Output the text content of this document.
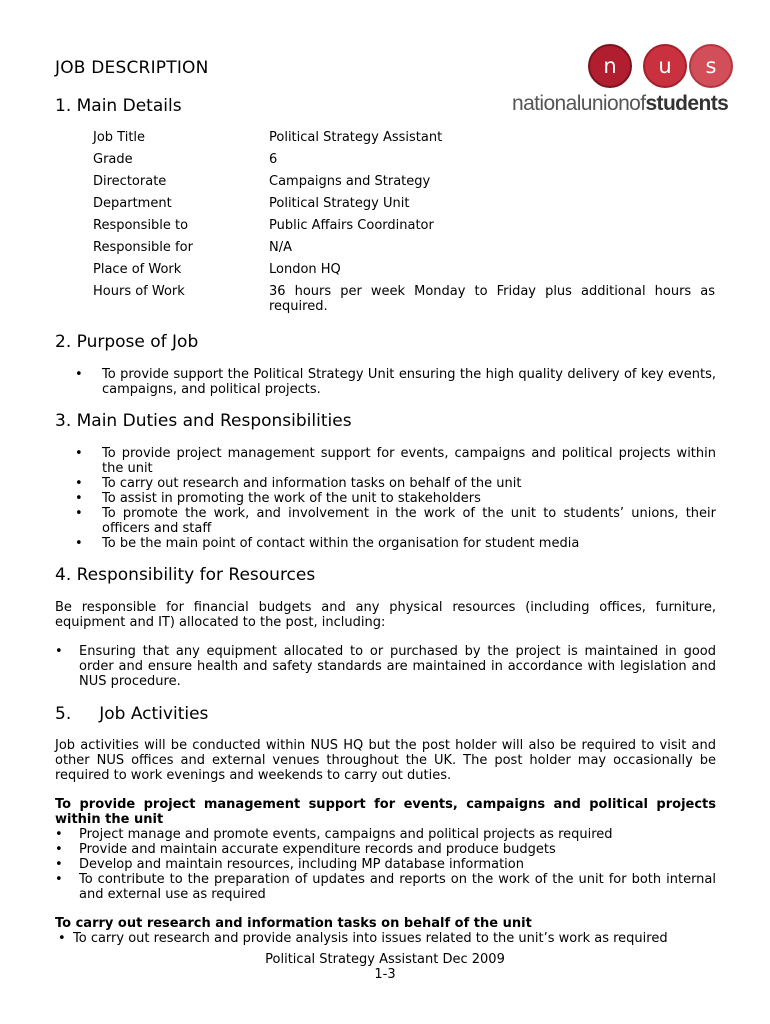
JOB DESCRIPTION	n	u	s
nationalunionofstudents
1. Main Details
Job Title	Political Strategy Assistant
Grade	6
Directorate	Campaigns and Strategy
Department	Political Strategy Unit
Responsible to	Public Affairs Coordinator
Responsible for	N/A
Place of Work	London HQ
Hours of Work	36 hours per week Monday to Friday plus additional hours as required.
2. Purpose of Job
• To provide support the Political Strategy Unit ensuring the high quality delivery of key events, campaigns, and political projects.
3. Main Duties and Responsibilities
• To provide project management support for events, campaigns and political projects within the unit
• To carry out research and information tasks on behalf of the unit
• To assist in promoting the work of the unit to stakeholders
• To promote the work, and involvement in the work of the unit to students’ unions, their officers and staff
• To be the main point of contact within the organisation for student media
4. Responsibility for Resources
Be responsible for financial budgets and any physical resources (including offices, furniture, equipment and IT) allocated to the post, including:
• Ensuring that any equipment allocated to or purchased by the project is maintained in good order and ensure health and safety standards are maintained in accordance with legislation and NUS procedure.
5. Job Activities
Job activities will be conducted within NUS HQ but the post holder will also be required to visit and other NUS offices and external venues throughout the UK. The post holder may occasionally be required to work evenings and weekends to carry out duties.
To provide project management support for events, campaigns and political projects within the unit
• Project manage and promote events, campaigns and political projects as required
• Provide and maintain accurate expenditure records and produce budgets
• Develop and maintain resources, including MP database information
• To contribute to the preparation of updates and reports on the work of the unit for both internal and external use as required
To carry out research and information tasks on behalf of the unit
• To carry out research and provide analysis into issues related to the unit’s work as required
Political Strategy Assistant Dec 2009
1-3
